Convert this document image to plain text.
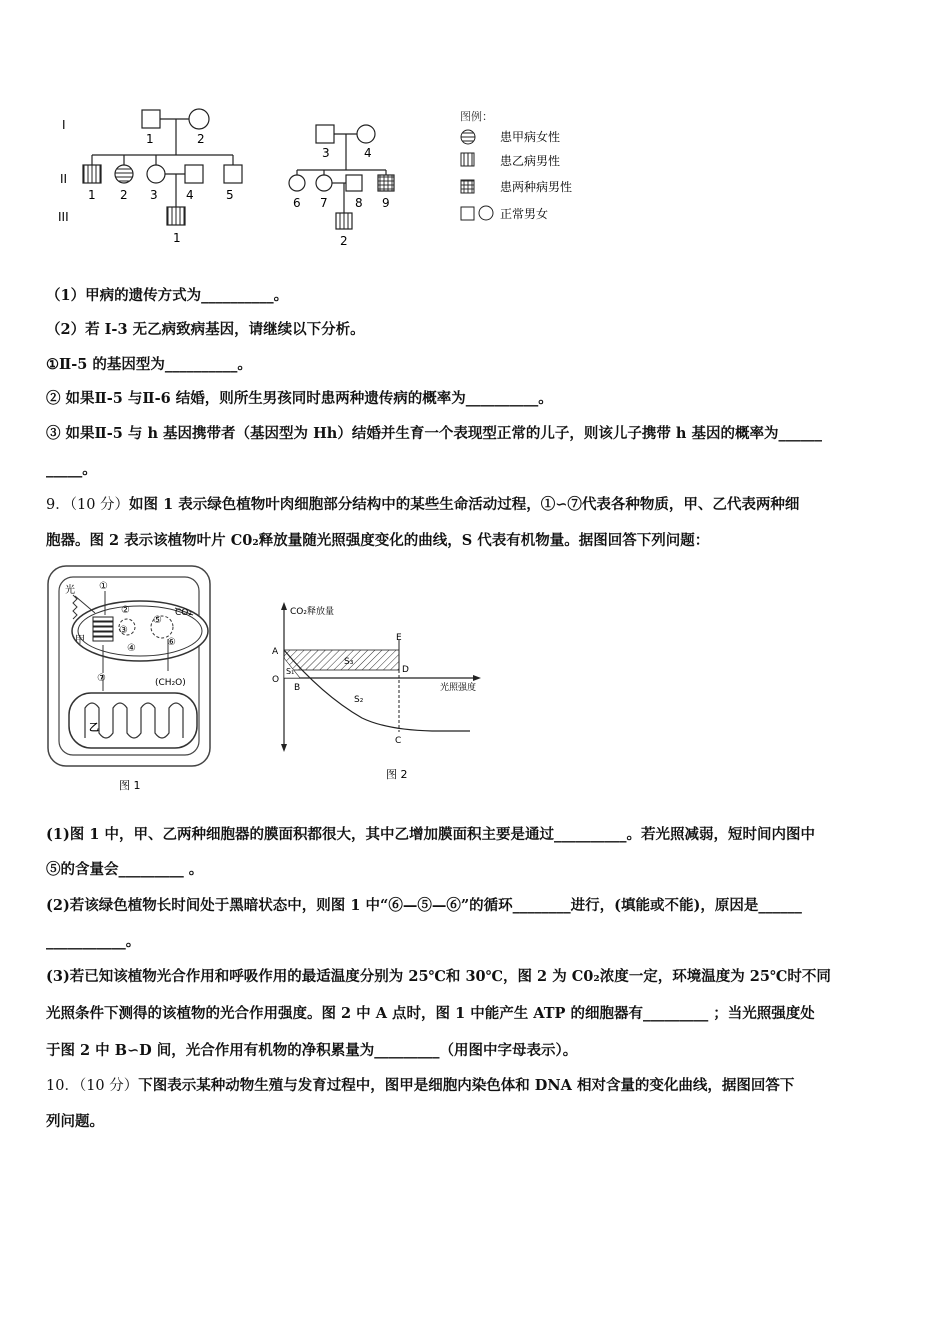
I
II
III
1	2
1 2 3 4	5
1
3	4
6 7 8 9
2
图例：
患甲病女性
患乙病男性
患两种病男性
正常男女
（1）甲病的遗传方式为__________。
（2）若 I-3 无乙病致病基因，请继续以下分析。
①Ⅱ-5 的基因型为__________。
② 如果Ⅱ-5 与Ⅱ-6 结婚，则所生男孩同时患两种遗传病的概率为__________。
③ 如果Ⅱ-5 与 h 基因携带者（基因型为 Hh）结婚并生育一个表现型正常的儿子，则该儿子携带 h 基因的概率为______
_____。
9．（10 分）如图 1 表示绿色植物叶肉细胞部分结构中的某些生命活动过程，①∽⑦代表各种物质，甲、乙代表两种细
胞器。图 2 表示该植物叶片 C0₂释放量随光照强度变化的曲线，S 代表有机物量。据图回答下列问题：
光
甲
乙
CO₂
(CH₂O)
①
②
③
④
⑤
⑥
⑦
图 1
CO₂释放量
光照强度
A
B
C
D
E
O
S₁
S₂
S₃
图 2
(1)图 1 中，甲、乙两种细胞器的膜面积都很大，其中乙增加膜面积主要是通过__________。若光照减弱，短时间内图中
⑤的含量会_________ 。
(2)若该绿色植物长时间处于黑暗状态中，则图 1 中“⑥—⑤—⑥”的循环________进行，(填能或不能)，原因是______
___________。
(3)若已知该植物光合作用和呼吸作用的最适温度分别为 25℃和 30℃，图 2 为 C0₂浓度一定，环境温度为 25℃时不同
光照条件下测得的该植物的光合作用强度。图 2 中 A 点时，图 1 中能产生 ATP 的细胞器有_________ ；当光照强度处
于图 2 中 B∽D 间，光合作用有机物的净积累量为_________（用图中字母表示）。
10．（10 分）下图表示某种动物生殖与发育过程中，图甲是细胞内染色体和 DNA 相对含量的变化曲线，据图回答下
列问题。
